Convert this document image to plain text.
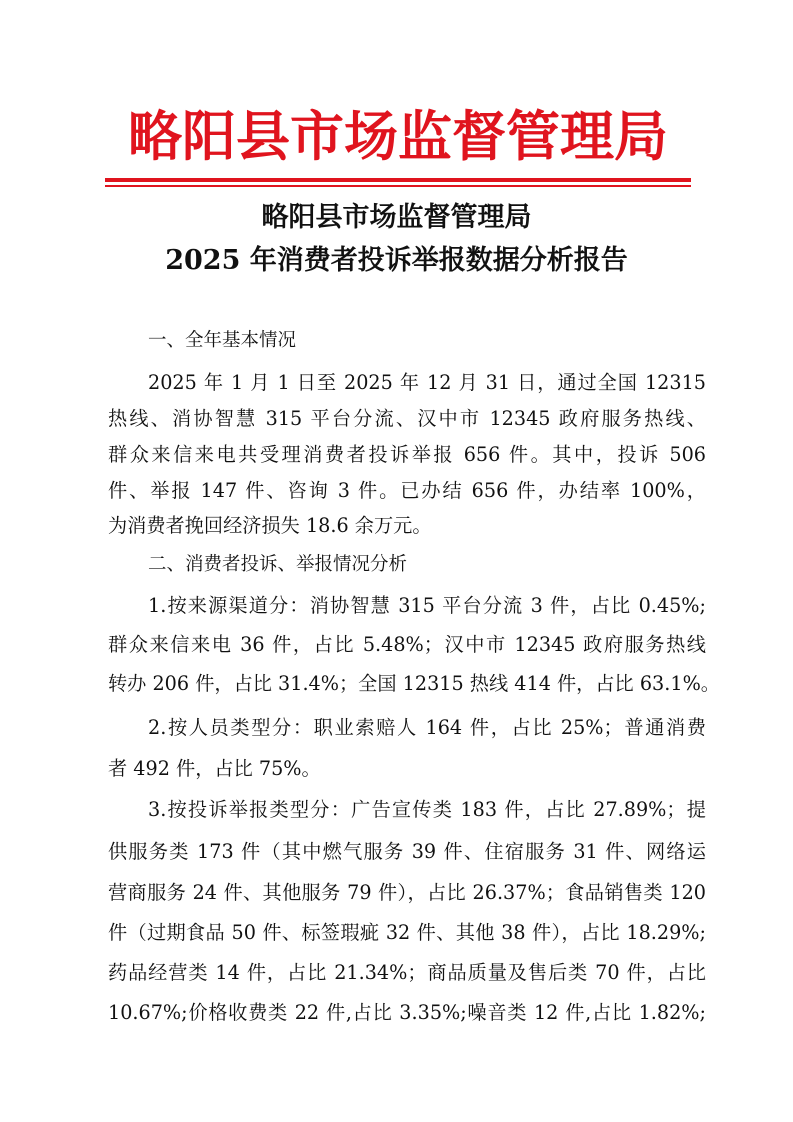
略阳县市场监督管理局
略阳县市场监督管理局
2025 年消费者投诉举报数据分析报告
一、全年基本情况
2025 年 1 月 1 日至 2025 年 12 月 31 日，通过全国 12315
热线、消协智慧 315 平台分流、汉中市 12345 政府服务热线、
群众来信来电共受理消费者投诉举报 656 件。其中，投诉 506
件、举报 147 件、咨询 3 件。已办结 656 件，办结率 100%，
为消费者挽回经济损失 18.6 余万元。
二、消费者投诉、举报情况分析
1.按来源渠道分：消协智慧 315 平台分流 3 件，占比 0.45%;
群众来信来电 36 件，占比 5.48%；汉中市 12345 政府服务热线
转办 206 件，占比 31.4%；全国 12315 热线 414 件，占比 63.1%。
2.按人员类型分：职业索赔人 164 件，占比 25%；普通消费
者 492 件，占比 75%。
3.按投诉举报类型分：广告宣传类 183 件，占比 27.89%；提
供服务类 173 件（其中燃气服务 39 件、住宿服务 31 件、网络运
营商服务 24 件、其他服务 79 件），占比 26.37%；食品销售类 120
件（过期食品 50 件、标签瑕疵 32 件、其他 38 件），占比 18.29%;
药品经营类 14 件，占比 21.34%；商品质量及售后类 70 件，占比
10.67%;价格收费类 22 件,占比 3.35%;噪音类 12 件,占比 1.82%;
